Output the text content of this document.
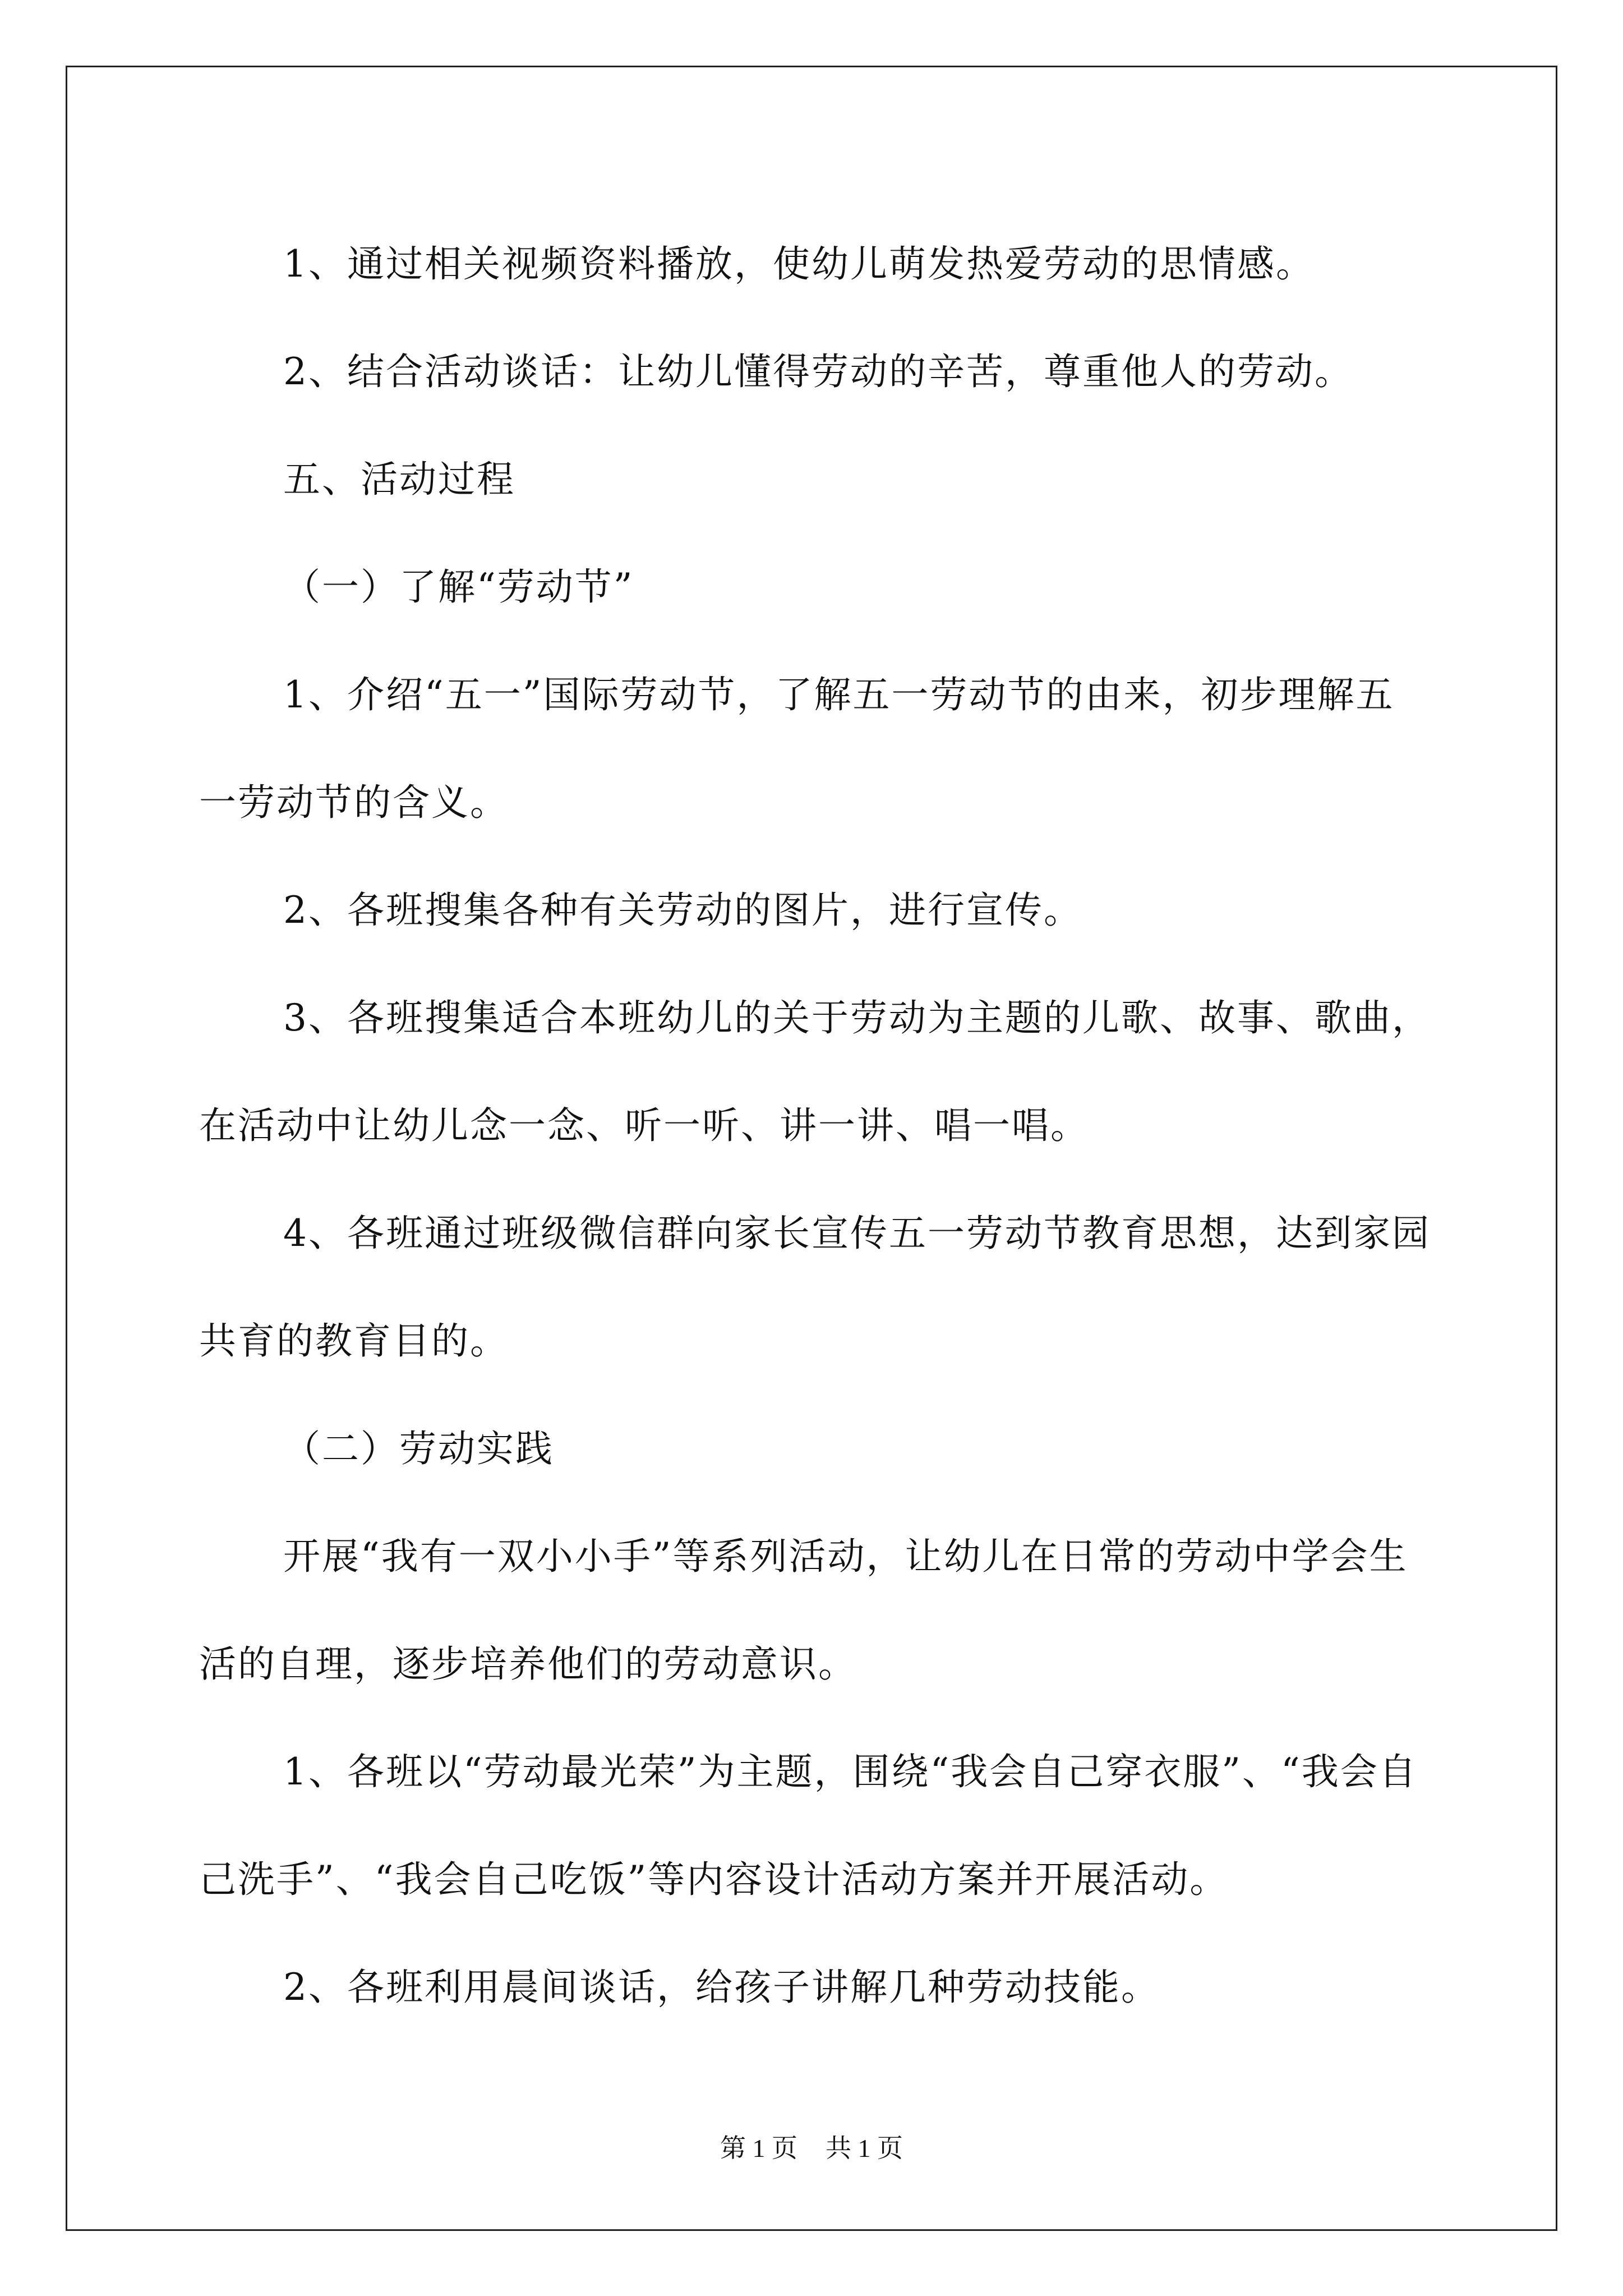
1、通过相关视频资料播放，使幼儿萌发热爱劳动的思情感。

2、结合活动谈话：让幼儿懂得劳动的辛苦，尊重他人的劳动。

五、活动过程

（一）了解“劳动节”

1、介绍“五一”国际劳动节，了解五一劳动节的由来，初步理解五一劳动节的含义。

2、各班搜集各种有关劳动的图片，进行宣传。

3、各班搜集适合本班幼儿的关于劳动为主题的儿歌、故事、歌曲，在活动中让幼儿念一念、听一听、讲一讲、唱一唱。

4、各班通过班级微信群向家长宣传五一劳动节教育思想，达到家园共育的教育目的。

（二）劳动实践

开展“我有一双小小手”等系列活动，让幼儿在日常的劳动中学会生活的自理，逐步培养他们的劳动意识。

1、各班以“劳动最光荣”为主题，围绕“我会自己穿衣服”、“我会自己洗手”、“我会自己吃饭”等内容设计活动方案并开展活动。

2、各班利用晨间谈话，给孩子讲解几种劳动技能。

第 1 页 共 1 页
